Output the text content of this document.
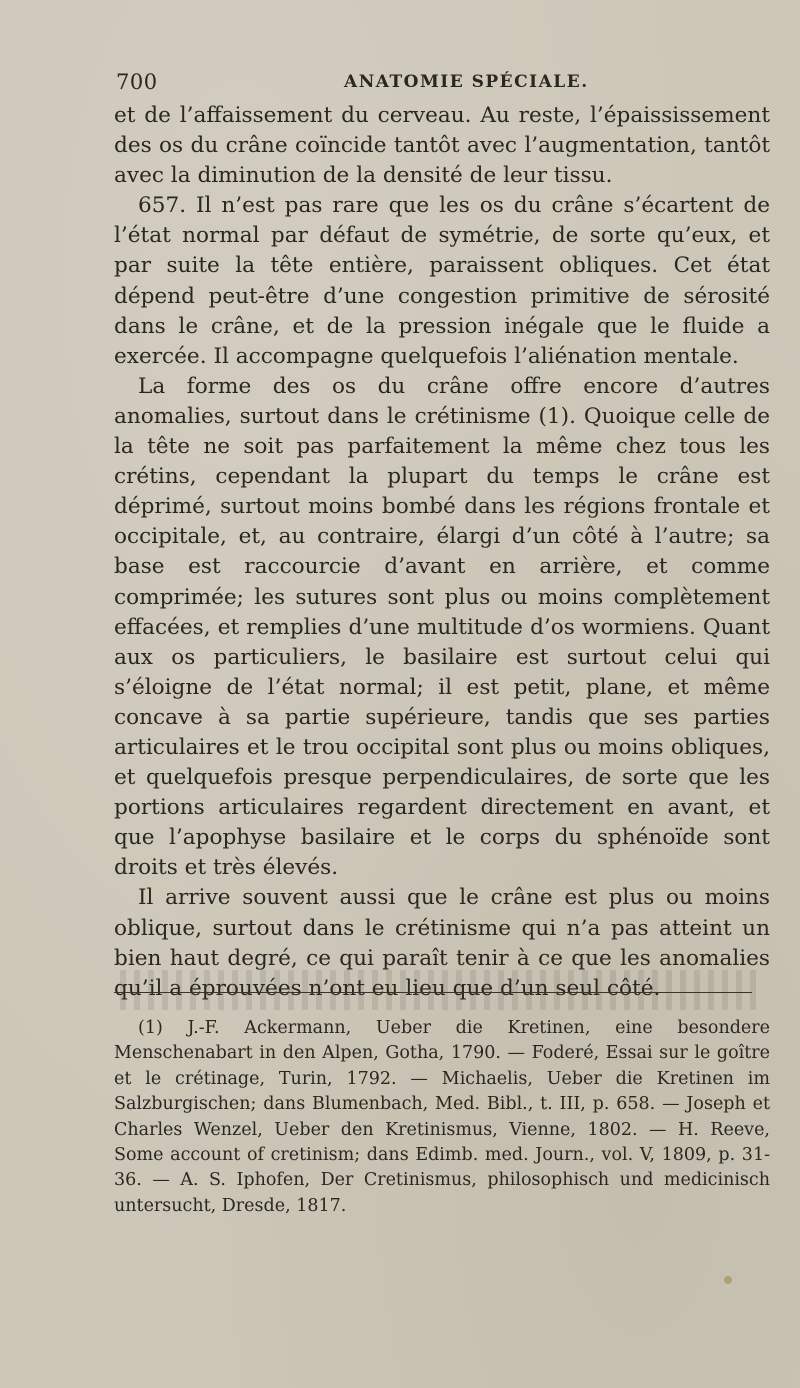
700	ANATOMIE SPÉCIALE.

et de l’affaissement du cerveau. Au reste, l’épaississement des os du crâne coïncide tantôt avec l’augmentation, tantôt avec la diminution de la densité de leur tissu.

657. Il n’est pas rare que les os du crâne s’écartent de l’état normal par défaut de symétrie, de sorte qu’eux, et par suite la tête entière, paraissent obliques. Cet état dépend peut-être d’une congestion primitive de sérosité dans le crâne, et de la pression inégale que le fluide a exercée. Il accompagne quelquefois l’aliénation mentale.

La forme des os du crâne offre encore d’autres anomalies, surtout dans le crétinisme (1). Quoique celle de la tête ne soit pas parfaitement la même chez tous les crétins, cependant la plupart du temps le crâne est déprimé, surtout moins bombé dans les régions frontale et occipitale, et, au contraire, élargi d’un côté à l’autre; sa base est raccourcie d’avant en arrière, et comme comprimée; les sutures sont plus ou moins complètement effacées, et remplies d’une multitude d’os wormiens. Quant aux os particuliers, le basilaire est surtout celui qui s’éloigne de l’état normal; il est petit, plane, et même concave à sa partie supérieure, tandis que ses parties articulaires et le trou occipital sont plus ou moins obliques, et quelquefois presque perpendiculaires, de sorte que les portions articulaires regardent directement en avant, et que l’apophyse basilaire et le corps du sphénoïde sont droits et très élevés.

Il arrive souvent aussi que le crâne est plus ou moins oblique, surtout dans le crétinisme qui n’a pas atteint un bien haut degré, ce qui paraît tenir à ce que les anomalies qu’il a éprouvées n’ont eu lieu que d’un seul côté.

(1) J.-F. Ackermann, Ueber die Kretinen, eine besondere Menschenabart in den Alpen, Gotha, 1790. — Foderé, Essai sur le goître et le crétinage, Turin, 1792. — Michaelis, Ueber die Kretinen im Salzburgischen; dans Blumenbach, Med. Bibl., t. III, p. 658. — Joseph et Charles Wenzel, Ueber den Kretinismus, Vienne, 1802. — H. Reeve, Some account of cretinism; dans Edimb. med. Journ., vol. V, 1809, p. 31-36. — A. S. Iphofen, Der Cretinismus, philosophisch und medicinisch untersucht, Dresde, 1817.
